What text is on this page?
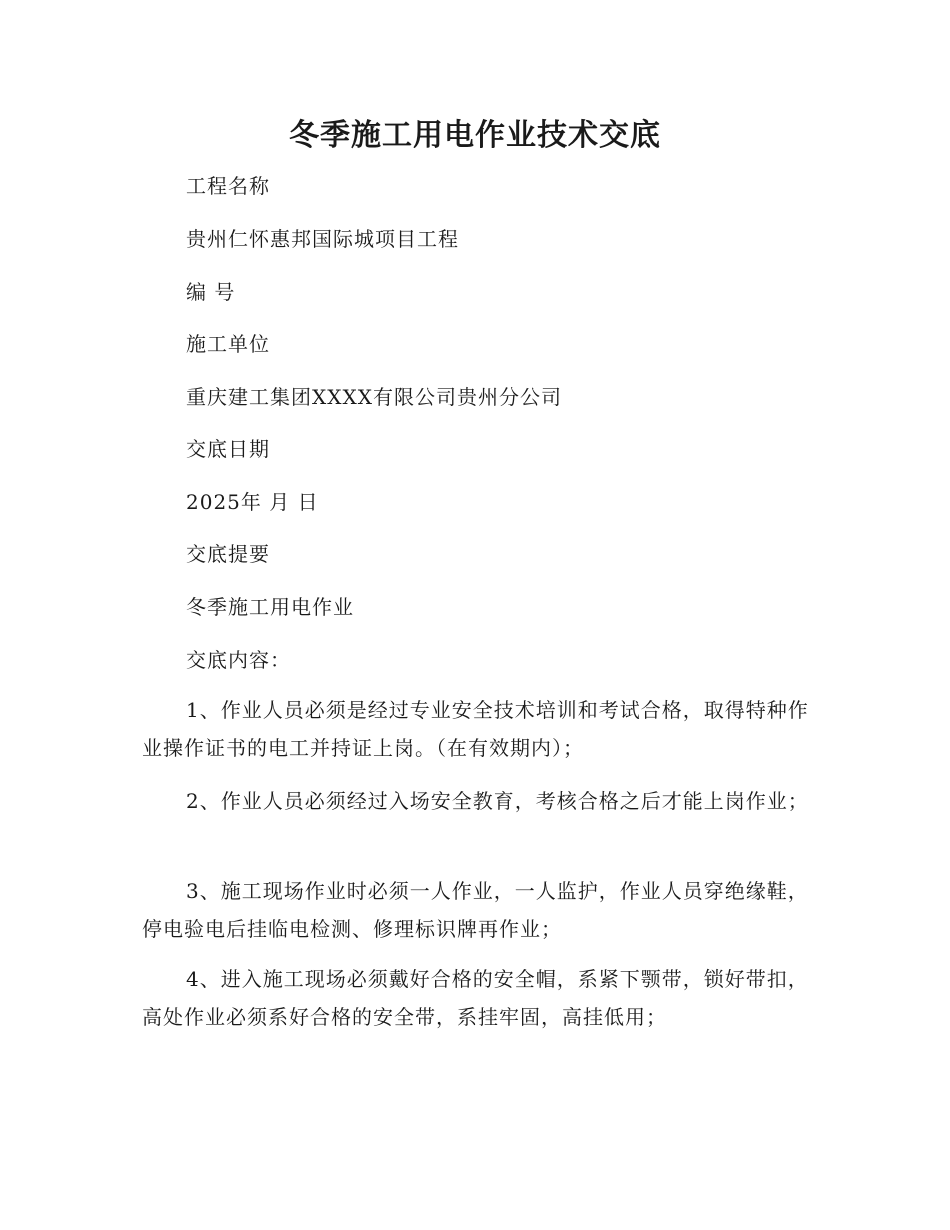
冬季施工用电作业技术交底
工程名称
贵州仁怀惠邦国际城项目工程
编 号
施工单位
重庆建工集团XXXX有限公司贵州分公司
交底日期
2025年 月 日
交底提要
冬季施工用电作业
交底内容：
1、作业人员必须是经过专业安全技术培训和考试合格，取得特种作业操作证书的电工并持证上岗。（在有效期内）；
2、作业人员必须经过入场安全教育，考核合格之后才能上岗作业；
3、施工现场作业时必须一人作业，一人监护，作业人员穿绝缘鞋，停电验电后挂临电检测、修理标识牌再作业；
4、进入施工现场必须戴好合格的安全帽，系紧下颚带，锁好带扣，高处作业必须系好合格的安全带，系挂牢固，高挂低用；
